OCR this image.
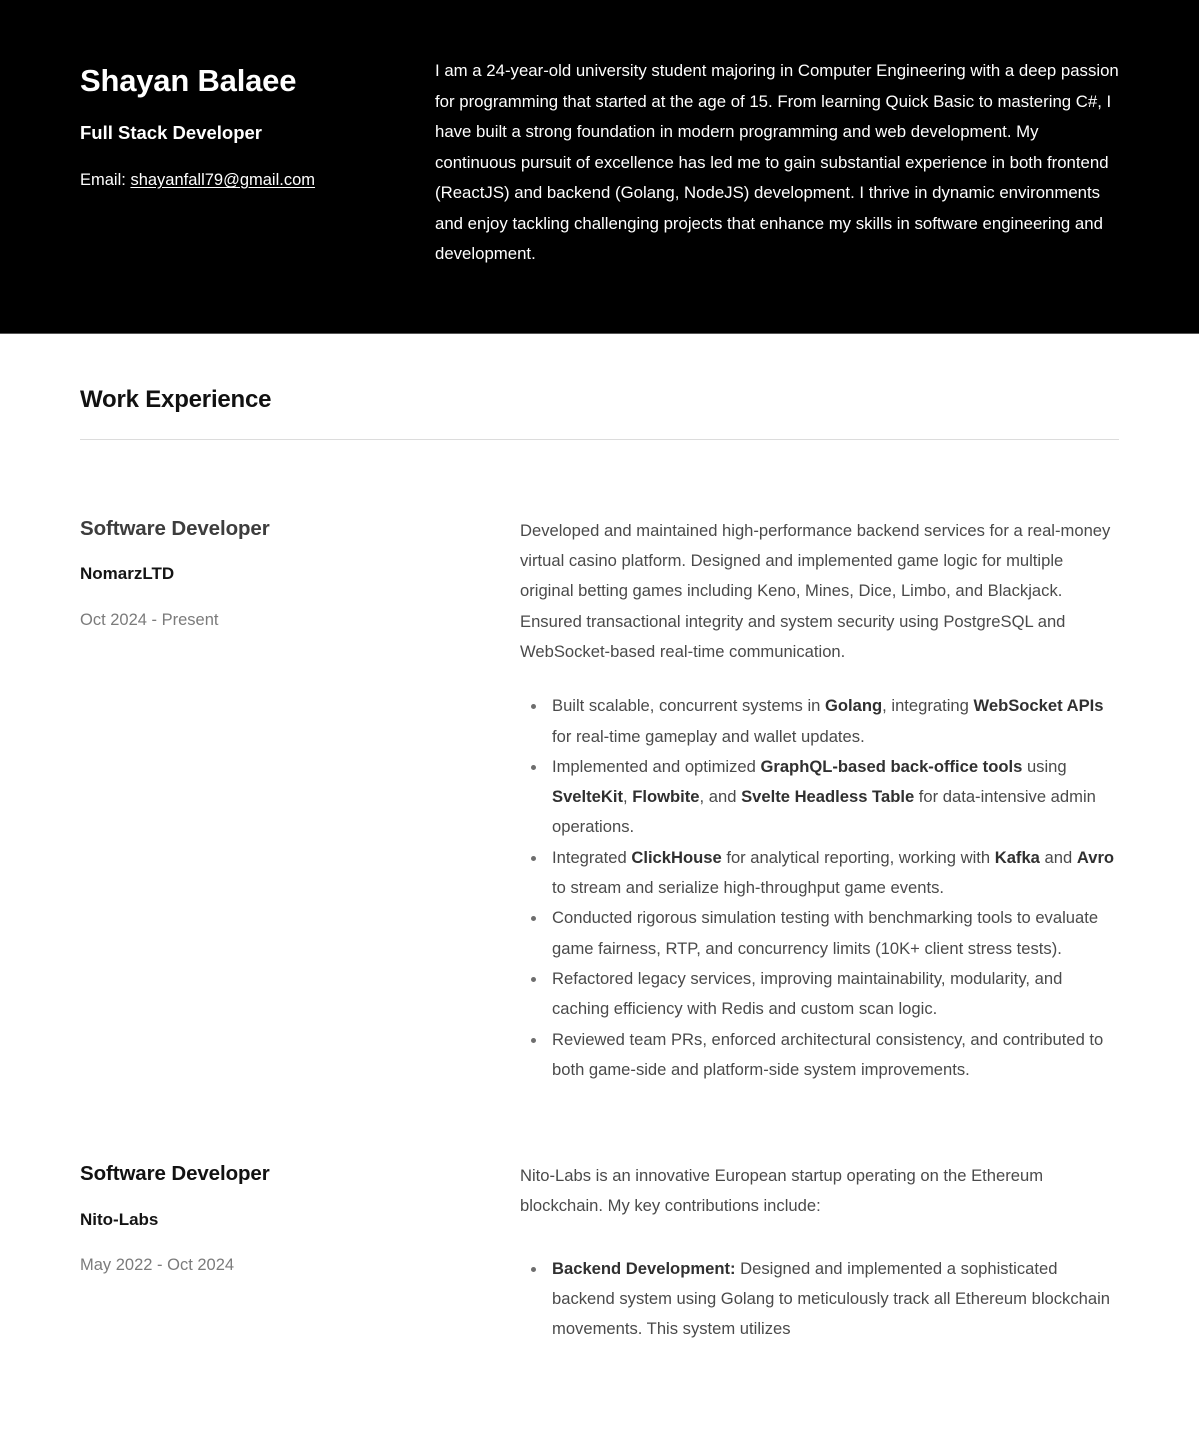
Shayan Balaee
Full Stack Developer
Email: shayanfall79@gmail.com

I am a 24-year-old university student majoring in Computer Engineering with a deep passion for programming that started at the age of 15. From learning Quick Basic to mastering C#, I have built a strong foundation in modern programming and web development. My continuous pursuit of excellence has led me to gain substantial experience in both frontend (ReactJS) and backend (Golang, NodeJS) development. I thrive in dynamic environments and enjoy tackling challenging projects that enhance my skills in software engineering and development.

Work Experience
Software Developer
NomarzLTD
Oct 2024 - Present

Developed and maintained high-performance backend services for a real-money virtual casino platform. Designed and implemented game logic for multiple original betting games including Keno, Mines, Dice, Limbo, and Blackjack. Ensured transactional integrity and system security using PostgreSQL and WebSocket-based real-time communication.

Built scalable, concurrent systems in Golang, integrating WebSocket APIs for real-time gameplay and wallet updates.
Implemented and optimized GraphQL-based back-office tools using SvelteKit, Flowbite, and Svelte Headless Table for data-intensive admin operations.
Integrated ClickHouse for analytical reporting, working with Kafka and Avro to stream and serialize high-throughput game events.
Conducted rigorous simulation testing with benchmarking tools to evaluate game fairness, RTP, and concurrency limits (10K+ client stress tests).
Refactored legacy services, improving maintainability, modularity, and caching efficiency with Redis and custom scan logic.
Reviewed team PRs, enforced architectural consistency, and contributed to both game-side and platform-side system improvements.
Software Developer
Nito-Labs
May 2022 - Oct 2024

Nito-Labs is an innovative European startup operating on the Ethereum blockchain. My key contributions include:

Backend Development: Designed and implemented a sophisticated backend system using Golang to meticulously track all Ethereum blockchain movements. This system utilizes
